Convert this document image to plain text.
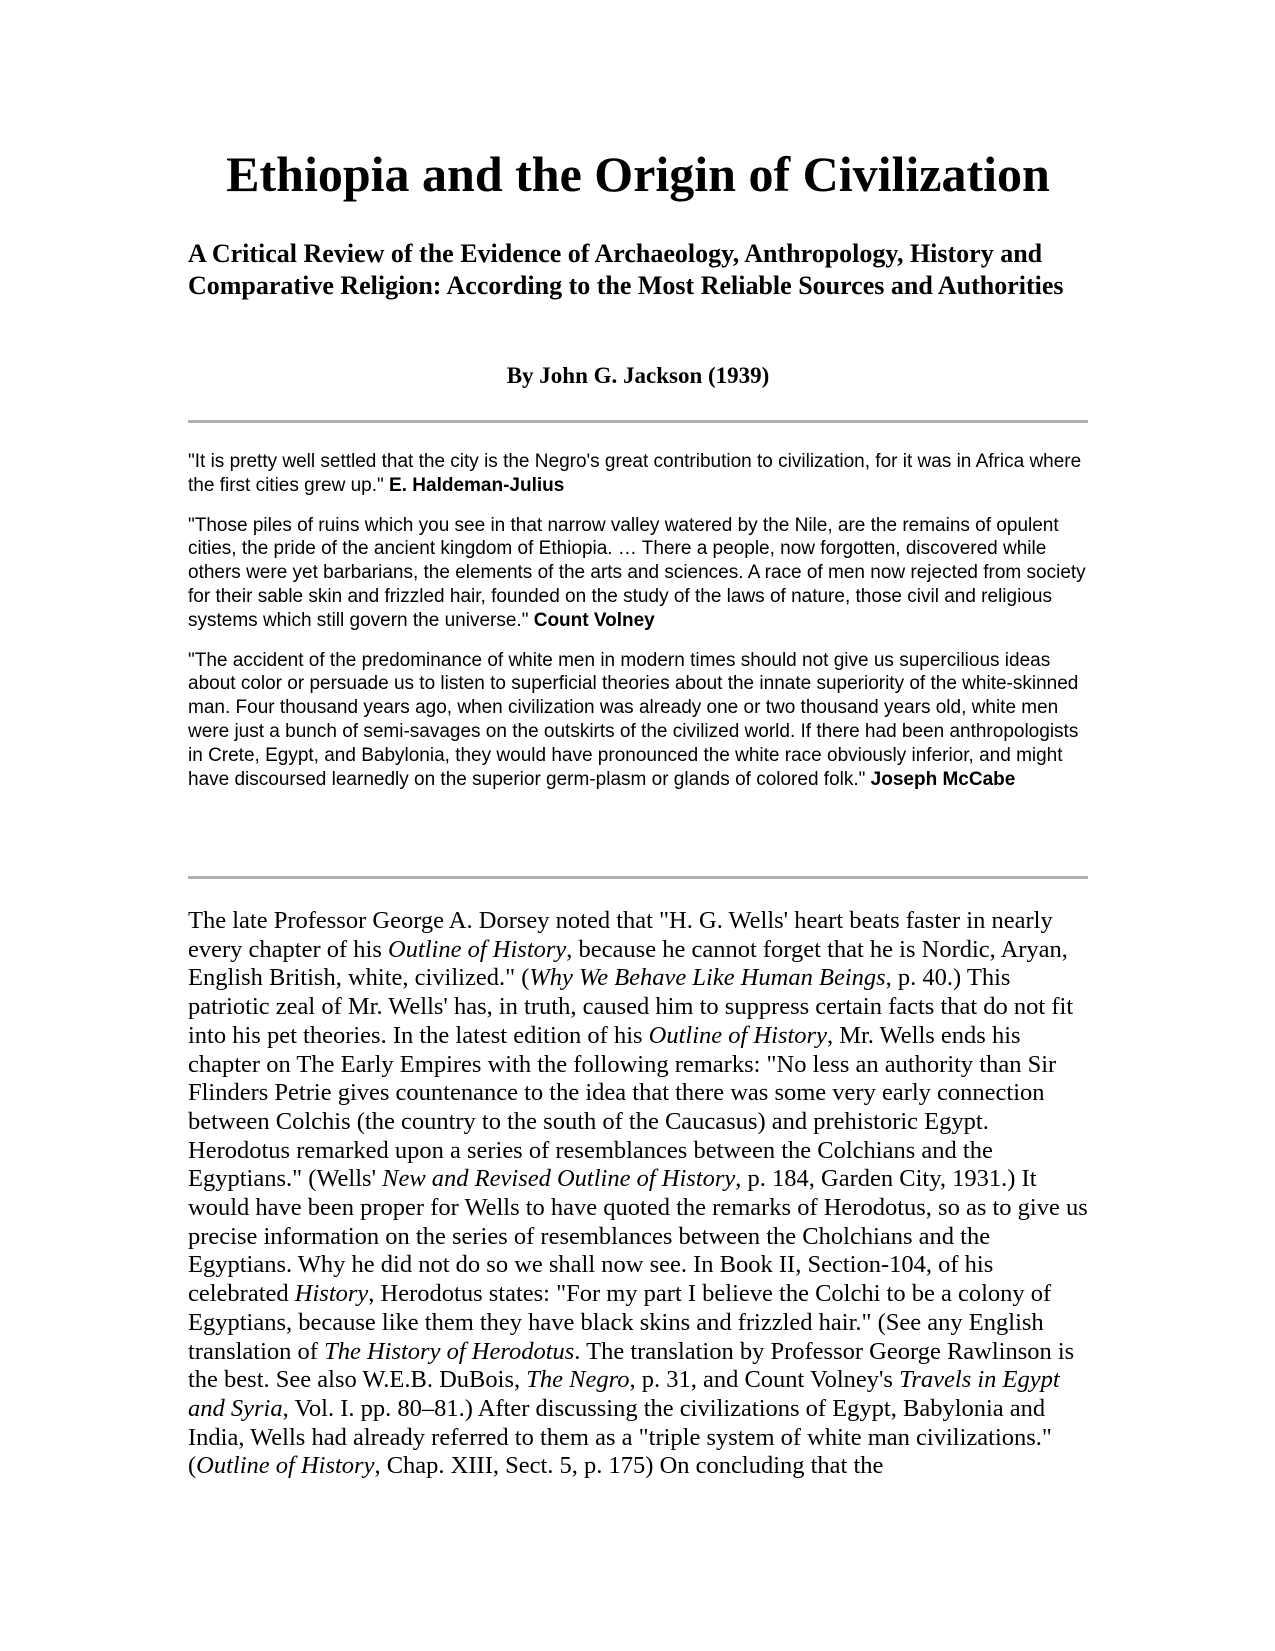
Ethiopia and the Origin of Civilization
A Critical Review of the Evidence of Archaeology, Anthropology, History and Comparative Religion: According to the Most Reliable Sources and Authorities

By John G. Jackson (1939)

"It is pretty well settled that the city is the Negro's great contribution to civilization, for it was in Africa where the first cities grew up." E. Haldeman-Julius

"Those piles of ruins which you see in that narrow valley watered by the Nile, are the remains of opulent cities, the pride of the ancient kingdom of Ethiopia. … There a people, now forgotten, discovered while others were yet barbarians, the elements of the arts and sciences. A race of men now rejected from society for their sable skin and frizzled hair, founded on the study of the laws of nature, those civil and religious systems which still govern the universe." Count Volney

"The accident of the predominance of white men in modern times should not give us supercilious ideas about color or persuade us to listen to superficial theories about the innate superiority of the white-skinned man. Four thousand years ago, when civilization was already one or two thousand years old, white men were just a bunch of semi-savages on the outskirts of the civilized world. If there had been anthropologists in Crete, Egypt, and Babylonia, they would have pronounced the white race obviously inferior, and might have discoursed learnedly on the superior germ-plasm or glands of colored folk." Joseph McCabe

The late Professor George A. Dorsey noted that "H. G. Wells' heart beats faster in nearly every chapter of his Outline of History, because he cannot forget that he is Nordic, Aryan, English British, white, civilized." (Why We Behave Like Human Beings, p. 40.) This patriotic zeal of Mr. Wells' has, in truth, caused him to suppress certain facts that do not fit into his pet theories. In the latest edition of his Outline of History, Mr. Wells ends his chapter on The Early Empires with the following remarks: "No less an authority than Sir Flinders Petrie gives countenance to the idea that there was some very early connection between Colchis (the country to the south of the Caucasus) and prehistoric Egypt. Herodotus remarked upon a series of resemblances between the Colchians and the Egyptians." (Wells' New and Revised Outline of History, p. 184, Garden City, 1931.) It would have been proper for Wells to have quoted the remarks of Herodotus, so as to give us precise information on the series of resemblances between the Cholchians and the Egyptians. Why he did not do so we shall now see. In Book II, Section-104, of his celebrated History, Herodotus states: "For my part I believe the Colchi to be a colony of Egyptians, because like them they have black skins and frizzled hair." (See any English translation of The History of Herodotus. The translation by Professor George Rawlinson is the best. See also W.E.B. DuBois, The Negro, p. 31, and Count Volney's Travels in Egypt and Syria, Vol. I. pp. 80–81.) After discussing the civilizations of Egypt, Babylonia and India, Wells had already referred to them as a "triple system of white man civilizations." (Outline of History, Chap. XIII, Sect. 5, p. 175) On concluding that the
